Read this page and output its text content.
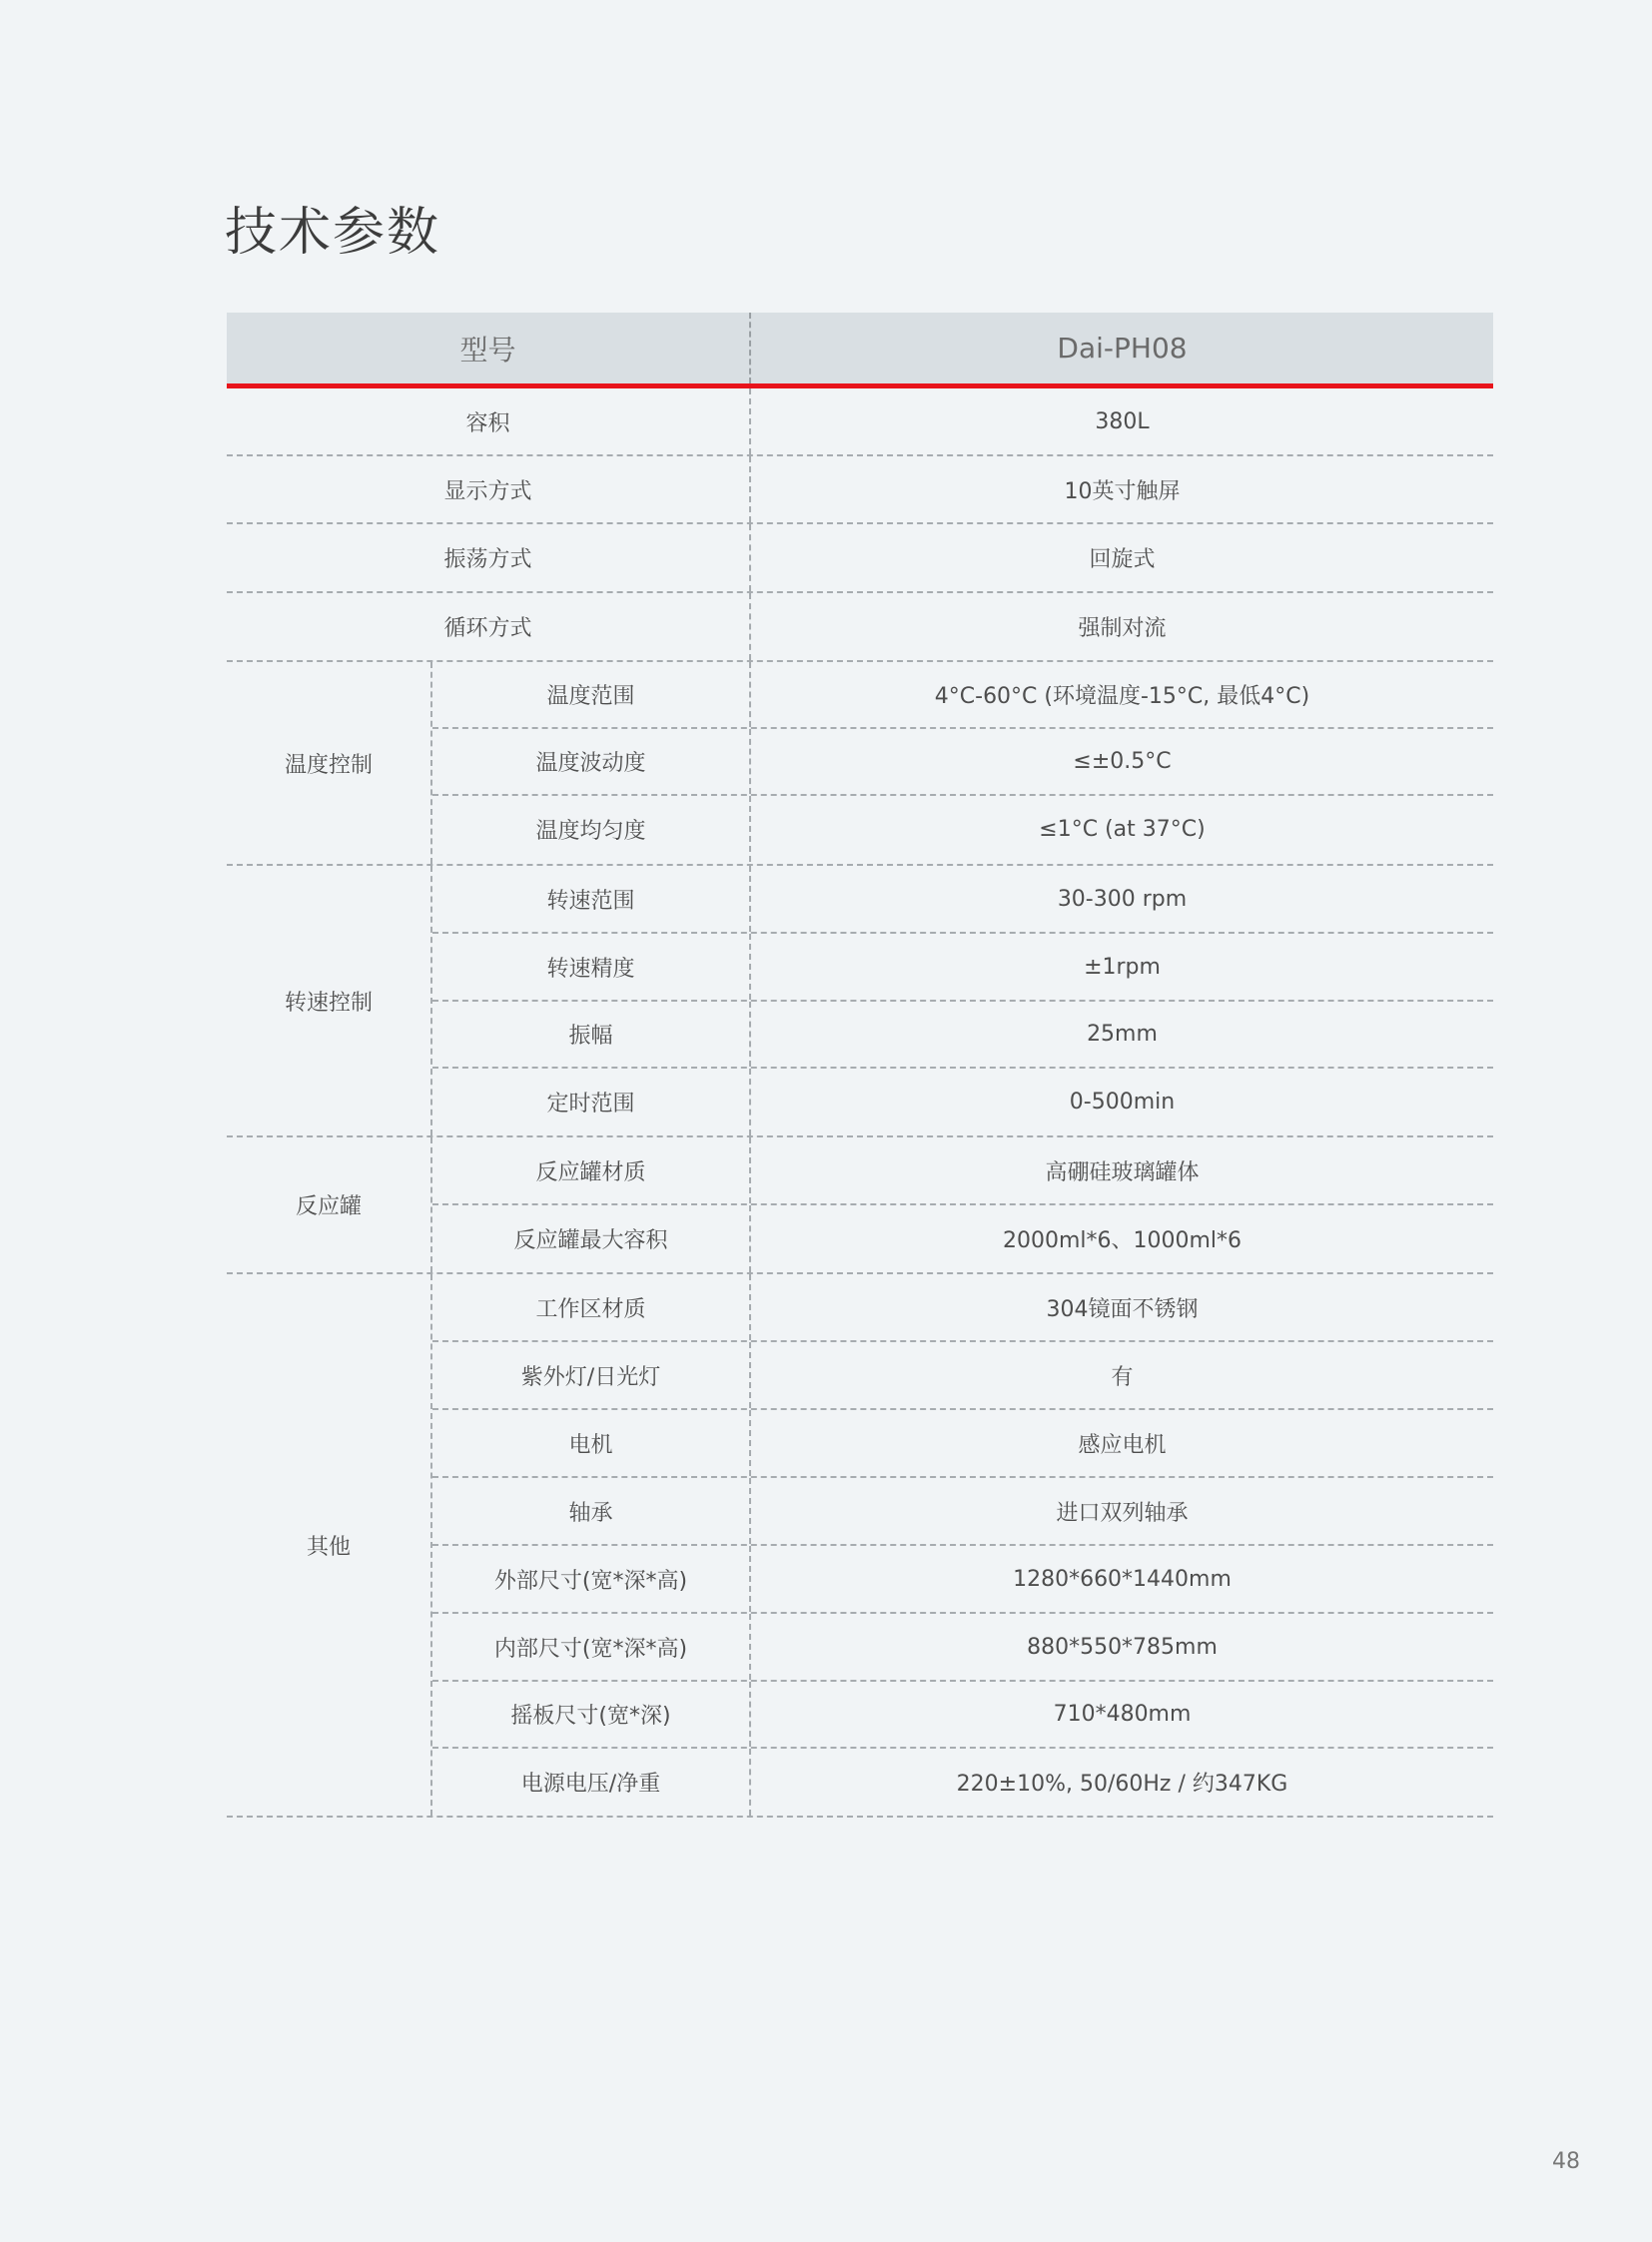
技术参数
型号	Dai-PH08
容积	380L
显示方式	10英寸触屏
振荡方式	回旋式
循环方式	强制对流
温度控制
温度范围	4°C-60°C (环境温度-15°C, 最低4°C)
温度波动度	≤±0.5°C
温度均匀度	≤1°C (at 37°C)
转速控制
转速范围	30-300 rpm
转速精度	±1rpm
振幅	25mm
定时范围	0-500min
反应罐
反应罐材质	高硼硅玻璃罐体
反应罐最大容积	2000ml*6、1000ml*6
其他
工作区材质	304镜面不锈钢
紫外灯/日光灯	有
电机	感应电机
轴承	进口双列轴承
外部尺寸(宽*深*高)	1280*660*1440mm
内部尺寸(宽*深*高)	880*550*785mm
摇板尺寸(宽*深)	710*480mm
电源电压/净重	220±10%, 50/60Hz / 约347KG
48
